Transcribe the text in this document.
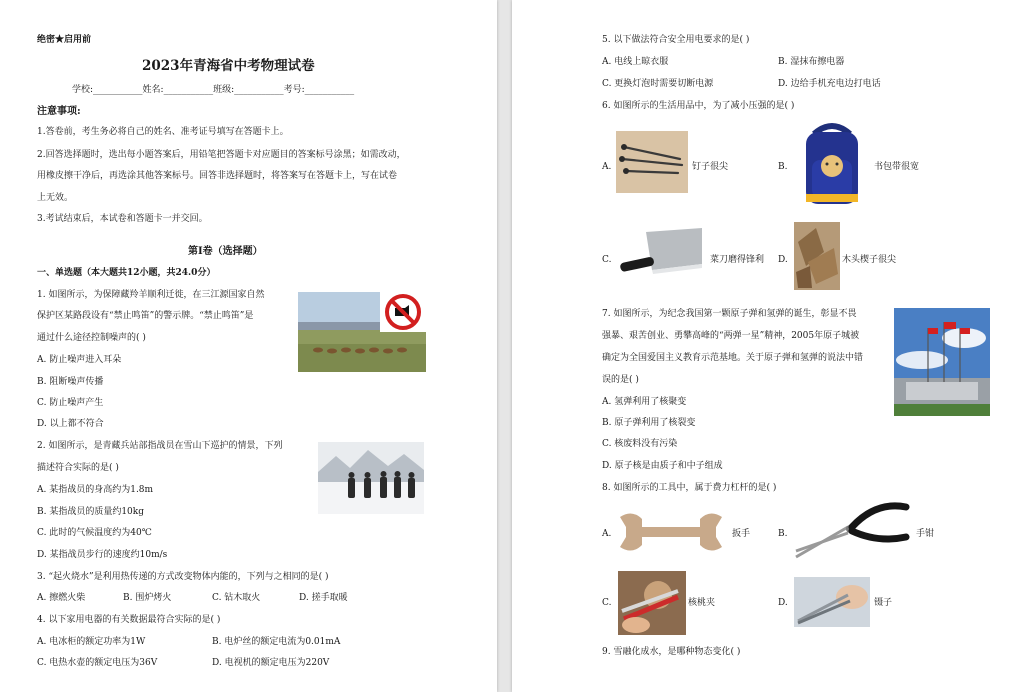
绝密★启用前
2023年青海省中考物理试卷
学校:___________姓名:___________班级:___________考号:___________
注意事项:
1.答卷前，考生务必将自己的姓名、准考证号填写在答题卡上。
2.回答选择题时，选出每小题答案后，用铅笔把答题卡对应题目的答案标号涂黑；如需改动，
用橡皮擦干净后，再选涂其他答案标号。回答非选择题时，将答案写在答题卡上，写在试卷
上无效。
3.考试结束后，本试卷和答题卡一并交回。
第I卷（选择题）
一、单选题（本大题共12小题，共24.0分）
1. 如图所示，为保障藏羚羊顺利迁徙，在三江源国家自然
保护区某路段设有“禁止鸣笛”的警示牌。“禁止鸣笛”是
通过什么途径控制噪声的( )
A. 防止噪声进入耳朵
B. 阻断噪声传播
C. 防止噪声产生
D. 以上都不符合
2. 如图所示，是青藏兵站部指战员在雪山下巡护的情景，下列
描述符合实际的是( )
A. 某指战员的身高约为1.8m
B. 某指战员的质量约10kg
C. 此时的气候温度约为40℃
D. 某指战员步行的速度约10m/s
3. “起火烧水”是利用热传递的方式改变物体内能的，下列与之相同的是( )
A. 擦燃火柴	B. 围炉烤火	C. 钻木取火	D. 搓手取暖
4. 以下家用电器的有关数据最符合实际的是( )
A. 电冰柜的额定功率为1W	B. 电炉丝的额定电流为0.01mA
C. 电热水壶的额定电压为36V	D. 电视机的额定电压为220V
5. 以下做法符合安全用电要求的是( )
A. 电线上晾衣服	B. 湿抹布擦电器
C. 更换灯泡时需要切断电源	D. 边给手机充电边打电话
6. 如图所示的生活用品中，为了减小压强的是( )
A.	钉子很尖	B.	书包带很宽
C.	菜刀磨得锋利 D.	木头楔子很尖
7. 如图所示，为纪念我国第一颗原子弹和氢弹的诞生，彰显不畏
强暴、艰苦创业、勇攀高峰的“两弹一星”精神，2005年原子城被
确定为全国爱国主义教育示范基地。关于原子弹和氢弹的说法中错
误的是( )
A. 氢弹利用了核聚变
B. 原子弹利用了核裂变
C. 核废料没有污染
D. 原子核是由质子和中子组成
8. 如图所示的工具中，属于费力杠杆的是( )
A.	扳手	B.	手钳
C.	核桃夹	D.	镊子
9. 雪融化成水，是哪种物态变化( )
